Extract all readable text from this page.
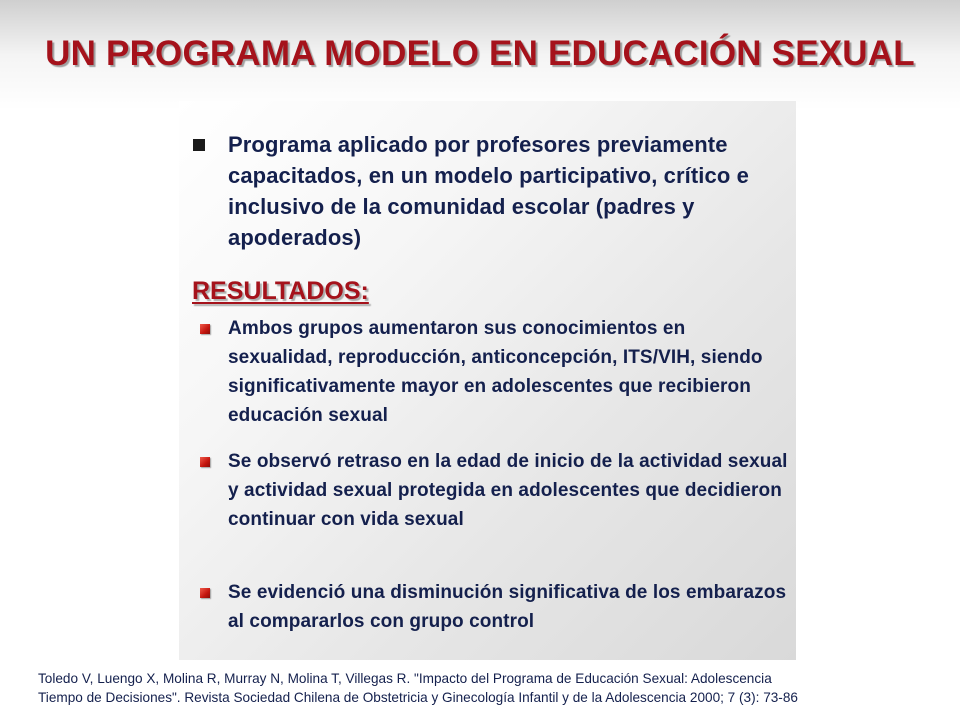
UN PROGRAMA MODELO EN EDUCACIÓN SEXUAL
Programa aplicado por profesores previamente capacitados, en un modelo participativo, crítico e inclusivo de la comunidad escolar (padres y apoderados)
RESULTADOS:
Ambos grupos aumentaron sus conocimientos en sexualidad, reproducción, anticoncepción, ITS/VIH, siendo significativamente mayor en adolescentes que recibieron educación sexual
Se observó retraso en la edad de inicio de la actividad sexual y actividad sexual protegida en adolescentes que decidieron continuar con vida sexual
Se evidenció una disminución significativa de los embarazos al compararlos con grupo control
Toledo V, Luengo X, Molina R, Murray N, Molina T, Villegas R. "Impacto del Programa de Educación Sexual: Adolescencia
Tiempo de Decisiones". Revista Sociedad Chilena de Obstetricia y Ginecología Infantil y de la Adolescencia 2000; 7 (3): 73-86
